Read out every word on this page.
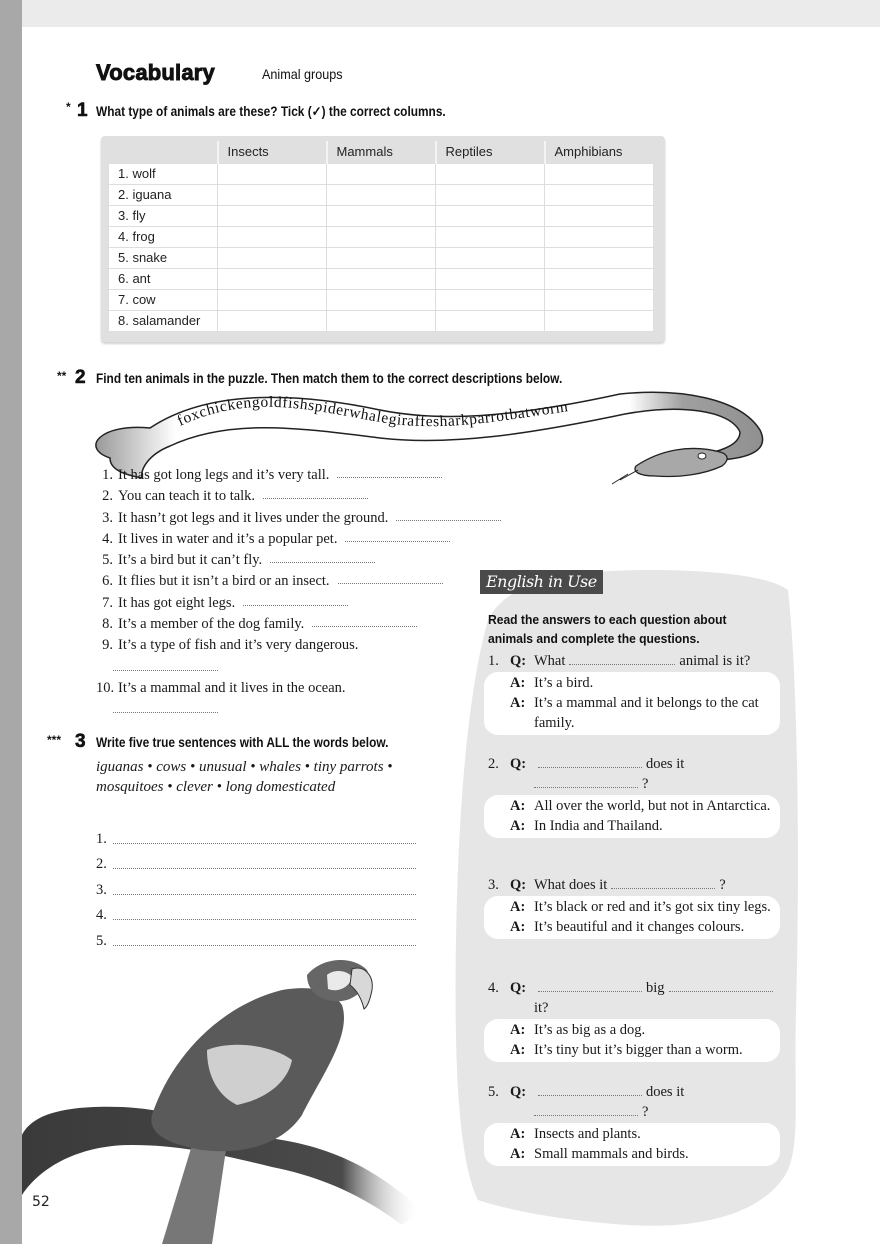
Vocabulary	Animal groups
* 1 What type of animals are these? Tick (✓) the correct columns.
	Insects	Mammals	Reptiles	Amphibians
1. wolf				
2. iguana				
3. fly				
4. frog				
5. snake				
6. ant				
7. cow				
8. salamander				
** 2 Find ten animals in the puzzle. Then match them to the correct descriptions below.
foxchickengoldfishspiderwhalegiraffesharkparrotbatworm
1. It has got long legs and it’s very tall.
2. You can teach it to talk.
3. It hasn’t got legs and it lives under the ground.
4. It lives in water and it’s a popular pet.
5. It’s a bird but it can’t fly.
6. It flies but it isn’t a bird or an insect.
7. It has got eight legs.
8. It’s a member of the dog family.
9. It’s a type of fish and it’s very dangerous.
10. It’s a mammal and it lives in the ocean.
*** 3 Write five true sentences with ALL the words below.
iguanas • cows • unusual • whales • tiny parrots • mosquitoes • clever • long domesticated
1.
2.
3.
4.
5.
52
English in Use
Read the answers to each question about animals and complete the questions.
1. Q: What	animal is it?
A: It’s a bird.
A: It’s a mammal and it belongs to the cat family.
2. Q:	does it
?
A: All over the world, but not in Antarctica.
A: In India and Thailand.
3. Q: What does it	?
A: It’s black or red and it’s got six tiny legs.
A: It’s beautiful and it changes colours.
4. Q:	big
it?
A: It’s as big as a dog.
A: It’s tiny but it’s bigger than a worm.
5. Q:	does it
?
A: Insects and plants.
A: Small mammals and birds.
